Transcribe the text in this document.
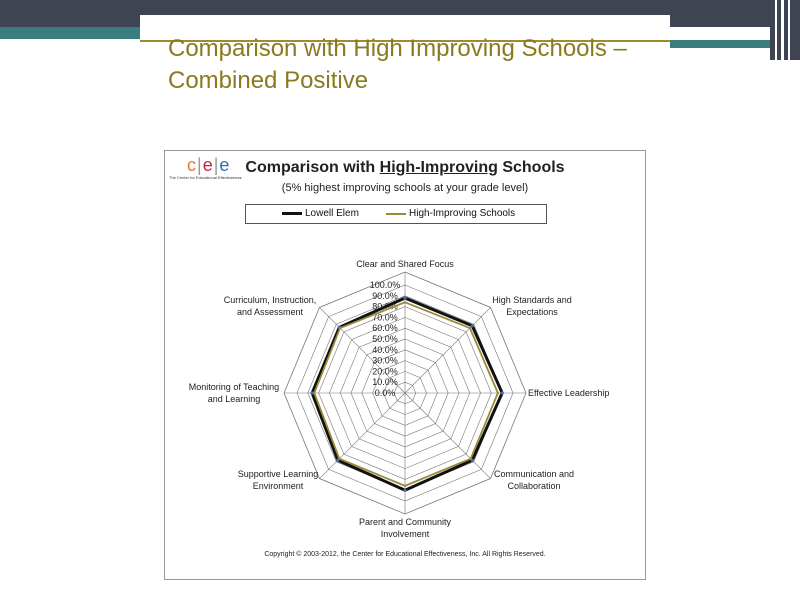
Comparison with High Improving Schools –
Combined Positive
c|e|e
The Center for Educational Effectiveness
Comparison with High-Improving Schools
(5% highest improving schools at your grade level)
Lowell Elem	High-Improving Schools
0.0%
10.0%
20.0%
30.0%
40.0%
50.0%
60.0%
70.0%
80.0%
90.0%
100.0%
Clear and Shared Focus
High Standards and Expectations
Effective Leadership
Communication and Collaboration
Parent and Community Involvement
Supportive Learning Environment
Monitoring of Teaching and Learning
Curriculum, Instruction, and Assessment
Copyright © 2003-2012, the Center for Educational Effectiveness, Inc. All Rights Reserved.
